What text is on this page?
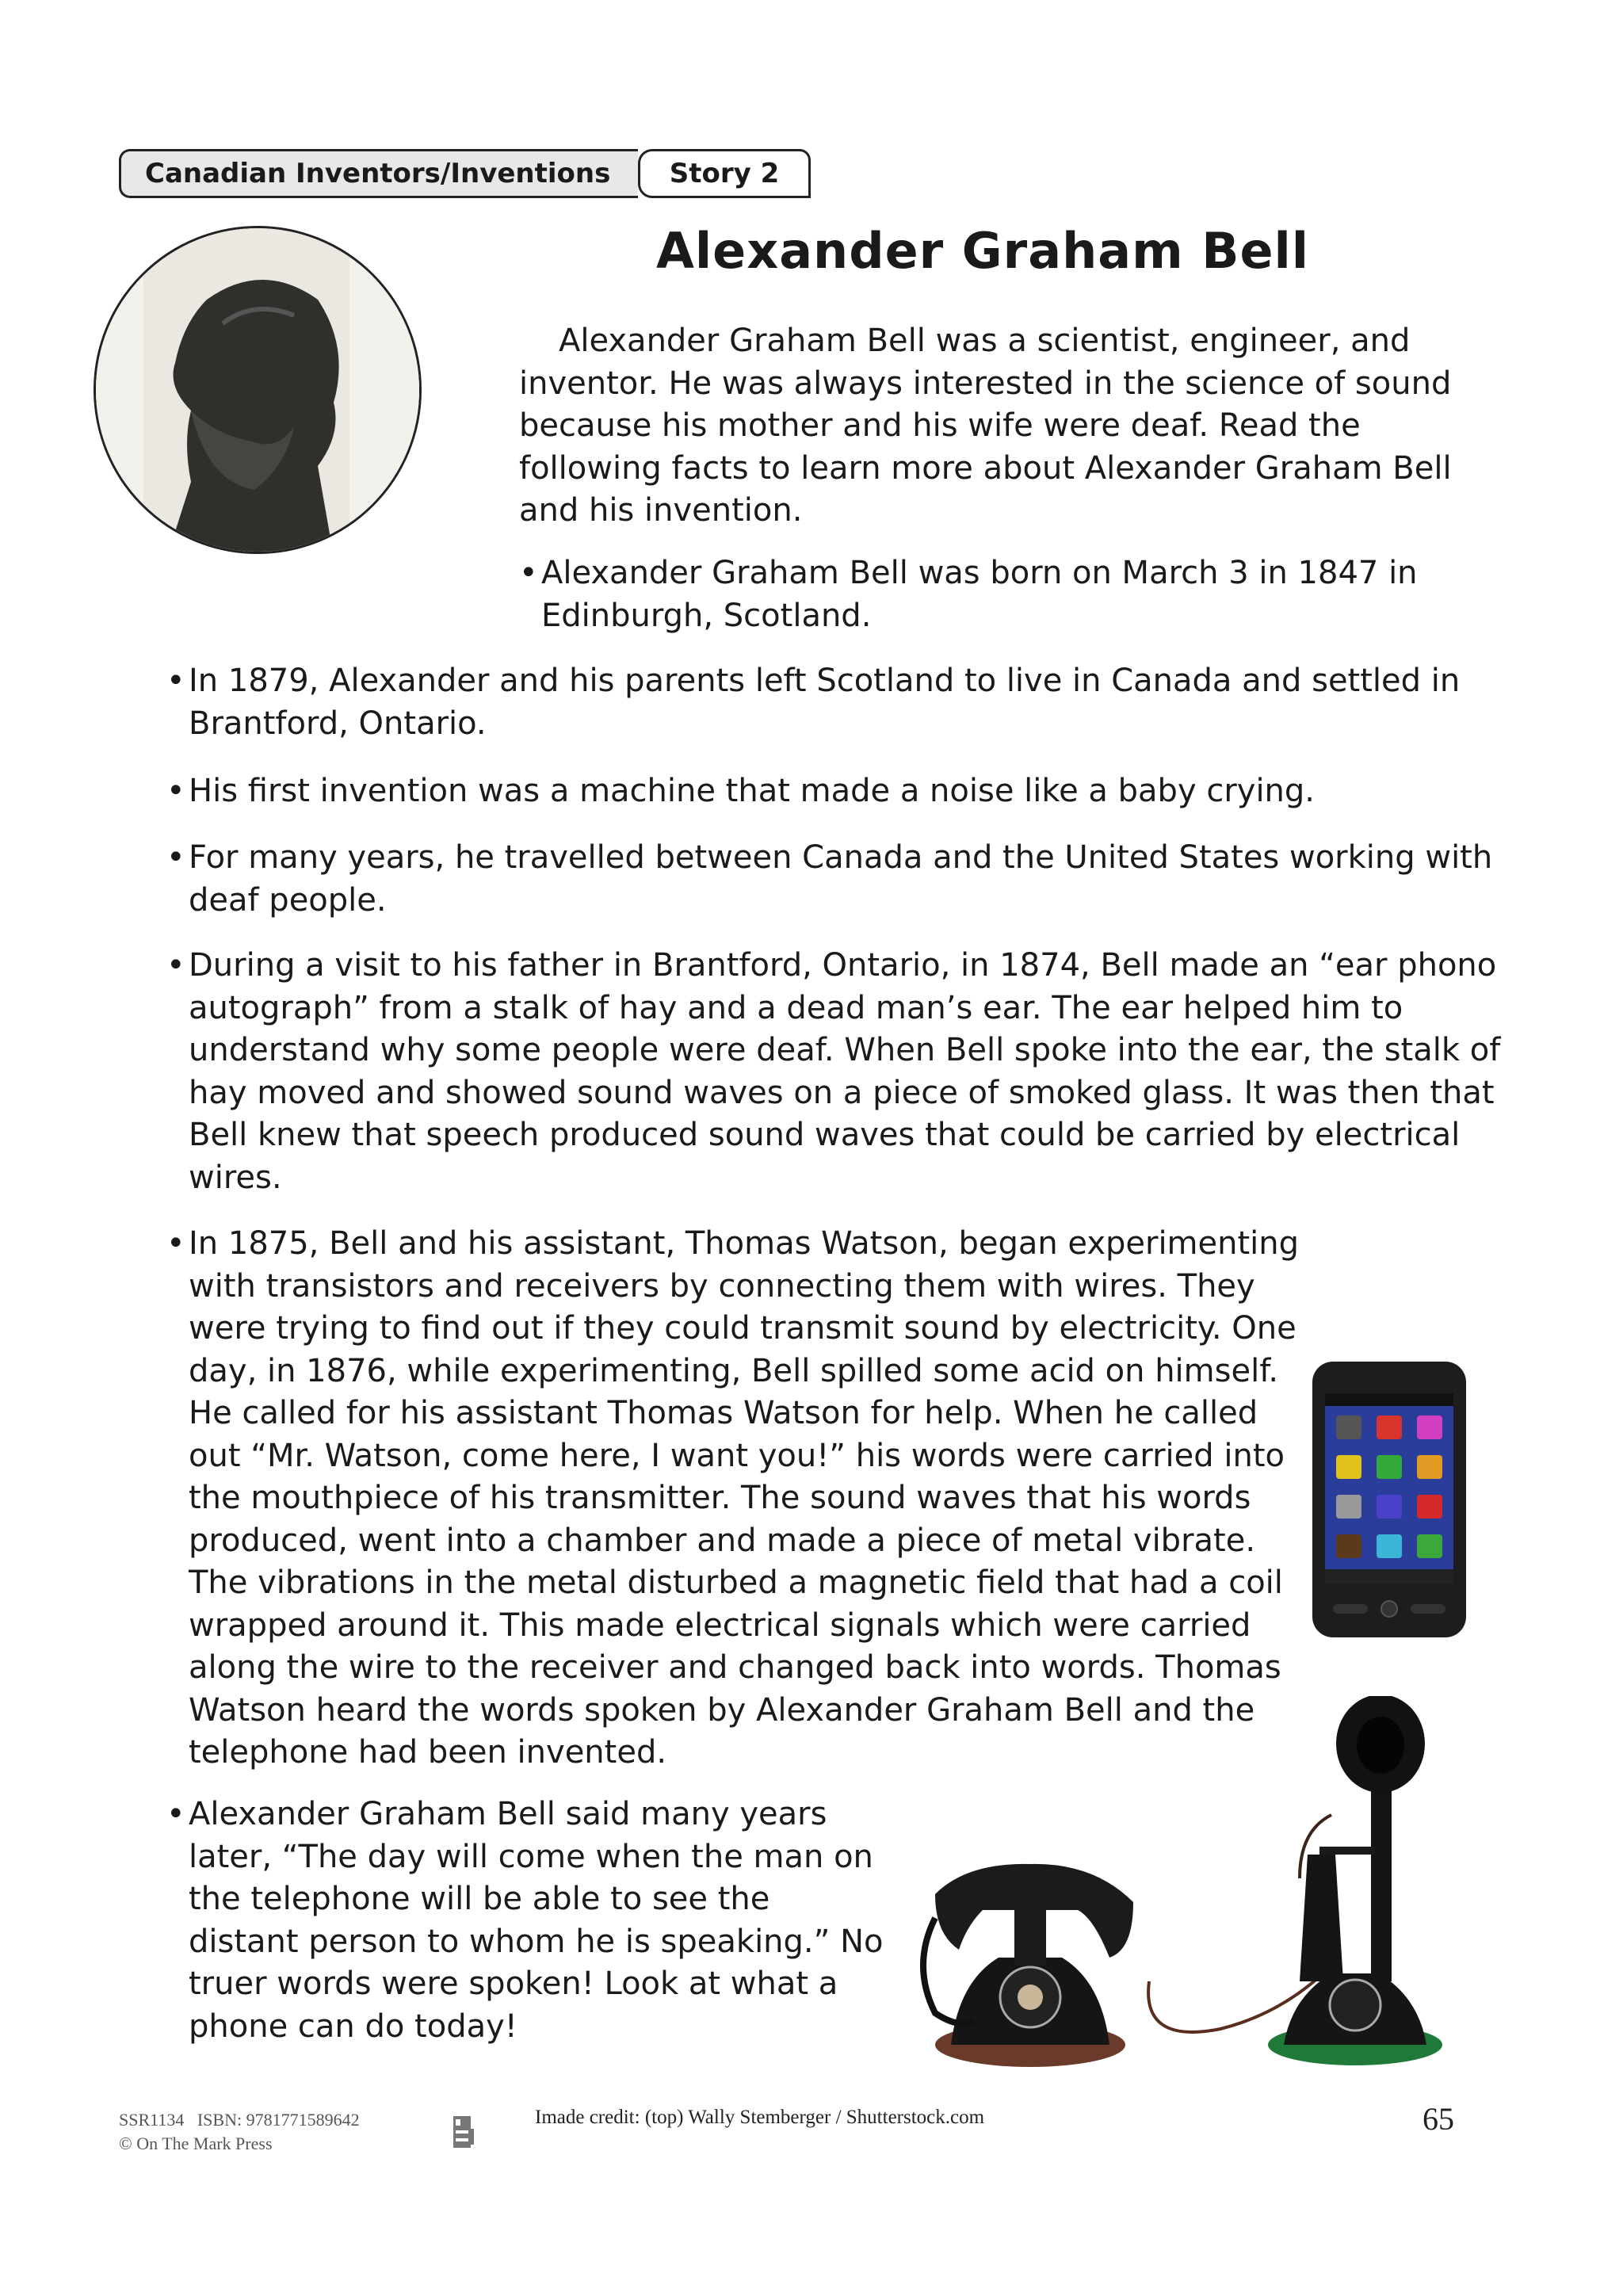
Canadian Inventors/Inventions	Story 2
Alexander Graham Bell
Alexander Graham Bell was a scientist, engineer, and inventor. He was always interested in the science of sound because his mother and his wife were deaf. Read the following facts to learn more about Alexander Graham Bell and his invention.
• Alexander Graham Bell was born on March 3 in 1847 in Edinburgh, Scotland.
• In 1879, Alexander and his parents left Scotland to live in Canada and settled in Brantford, Ontario.
• His first invention was a machine that made a noise like a baby crying.
• For many years, he travelled between Canada and the United States working with deaf people.
• During a visit to his father in Brantford, Ontario, in 1874, Bell made an “ear phono autograph” from a stalk of hay and a dead man’s ear. The ear helped him to understand why some people were deaf. When Bell spoke into the ear, the stalk of hay moved and showed sound waves on a piece of smoked glass. It was then that Bell knew that speech produced sound waves that could be carried by electrical wires.
• In 1875, Bell and his assistant, Thomas Watson, began experimenting with transistors and receivers by connecting them with wires. They were trying to find out if they could transmit sound by electricity. One day, in 1876, while experimenting, Bell spilled some acid on himself. He called for his assistant Thomas Watson for help. When he called out “Mr. Watson, come here, I want you!” his words were carried into the mouthpiece of his transmitter. The sound waves that his words produced, went into a chamber and made a piece of metal vibrate. The vibrations in the metal disturbed a magnetic field that had a coil wrapped around it. This made electrical signals which were carried along the wire to the receiver and changed back into words. Thomas Watson heard the words spoken by Alexander Graham Bell and the telephone had been invented.
• Alexander Graham Bell said many years later, “The day will come when the man on the telephone will be able to see the distant person to whom he is speaking.” No truer words were spoken! Look at what a phone can do today!
SSR1134 ISBN: 9781771589642
© On The Mark Press
Imade credit: (top) Wally Stemberger / Shutterstock.com	65
